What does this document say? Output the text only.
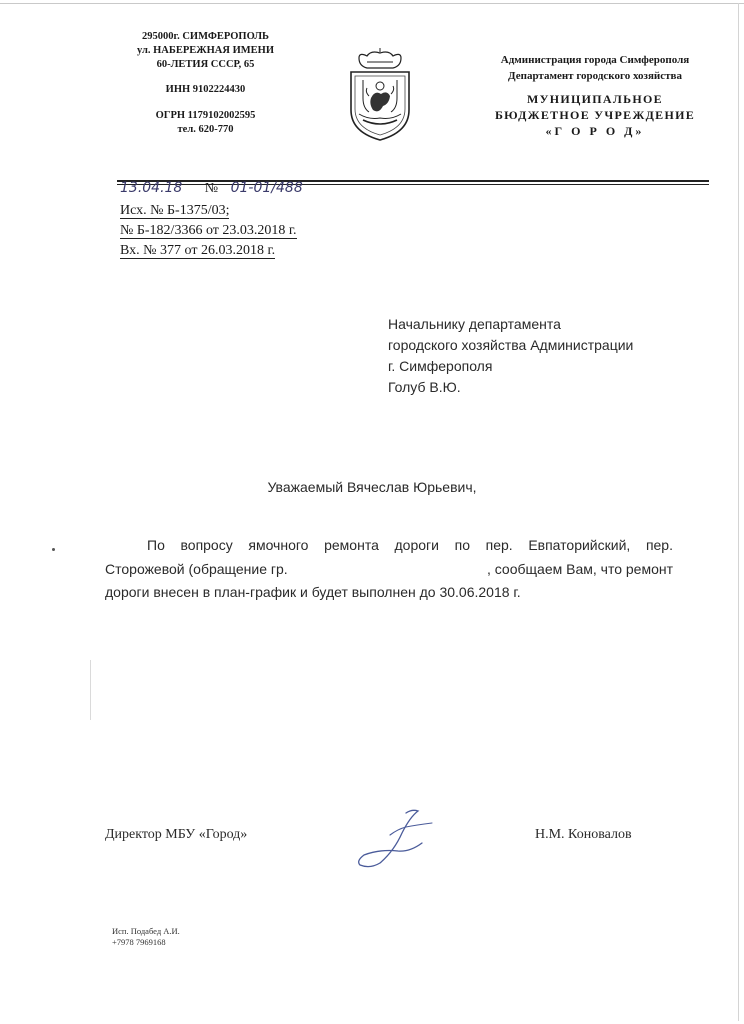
295000г. СИМФЕРОПОЛЬ
ул. НАБЕРЕЖНАЯ ИМЕНИ
60-ЛЕТИЯ СССР, 65
ИНН 9102224430
ОГРН 1179102002595
тел. 620-770
Администрация города Симферополя
Департамент городского хозяйства
МУНИЦИПАЛЬНОЕ
БЮДЖЕТНОЕ УЧРЕЖДЕНИЕ
«Г О Р О Д»
13.04.18 № 01-01/488
Исх. № Б-1375/03;
№ Б-182/3366 от 23.03.2018 г.
Вх. № 377 от 26.03.2018 г.
Начальнику департамента
городского хозяйства Администрации
г. Симферополя
Голуб В.Ю.
Уважаемый Вячеслав Юрьевич,
По вопросу ямочного ремонта дороги по пер. Евпаторийский, пер.
Сторожевой (обращение гр.	, сообщаем Вам, что ремонт
дороги внесен в план-график и будет выполнен до 30.06.2018 г.
Директор МБУ «Город»	Н.М. Коновалов
Исп. Подабед А.И.
+7978 7969168
